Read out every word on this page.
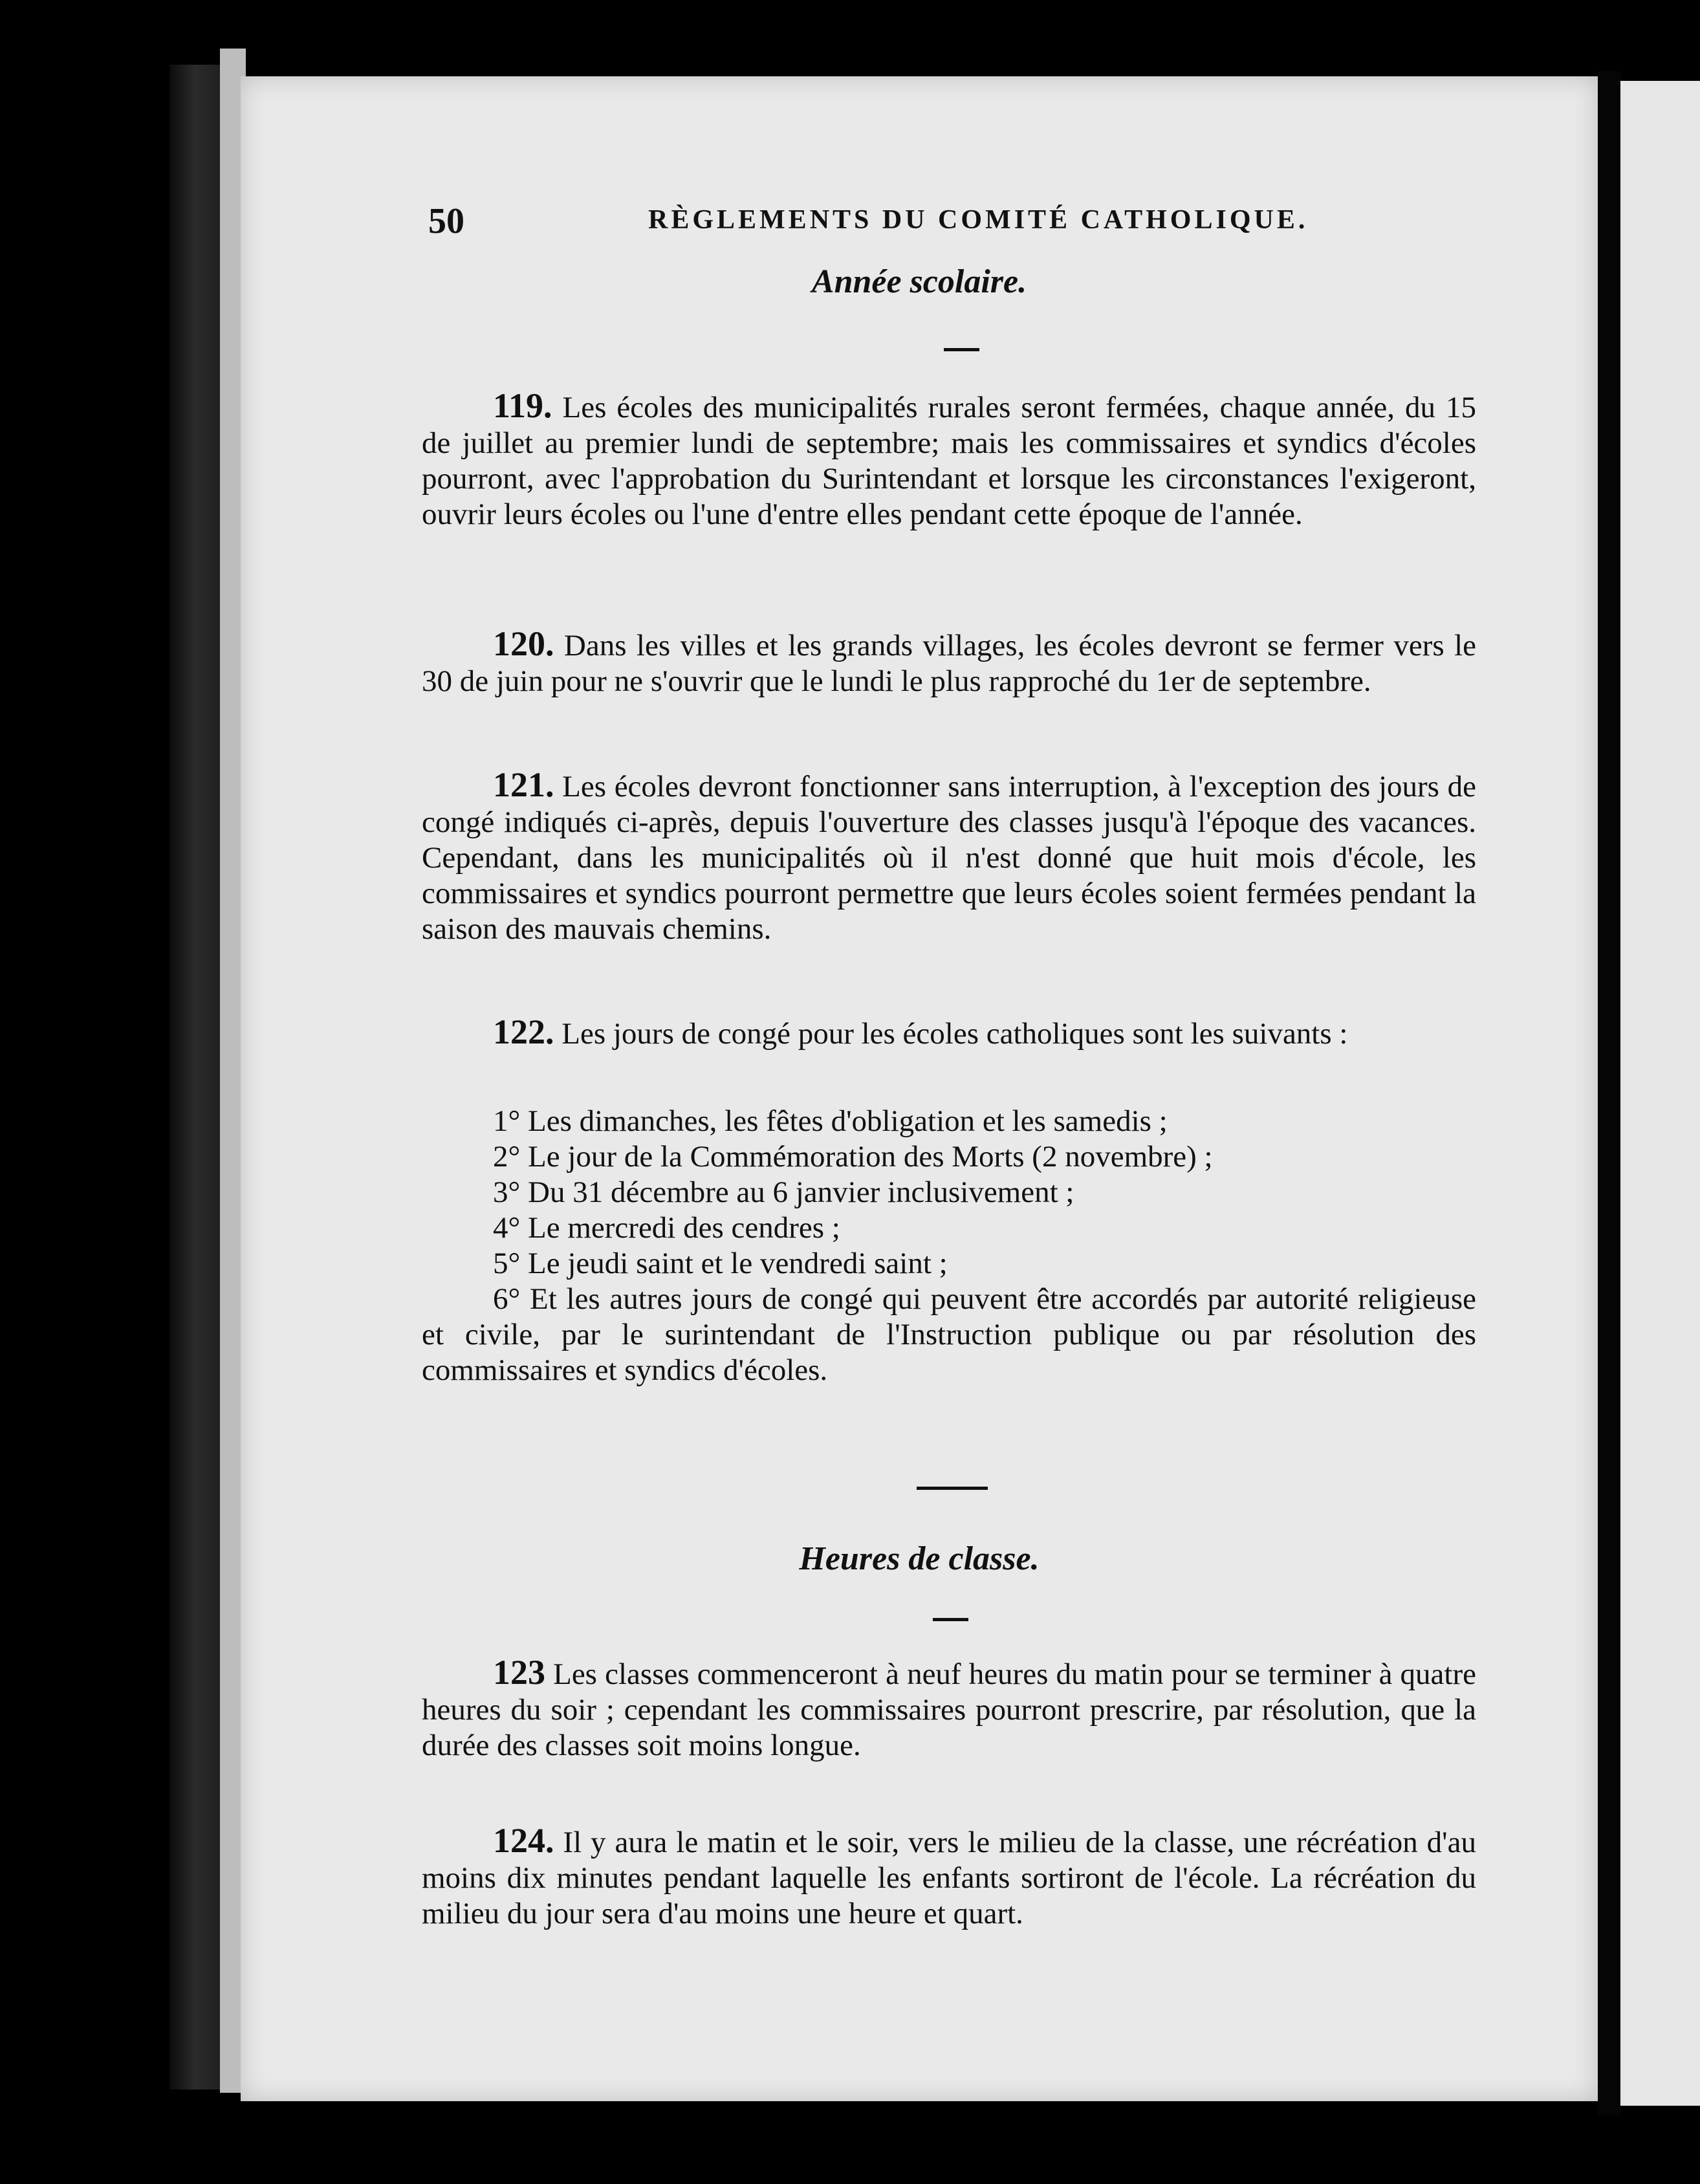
50	RÈGLEMENTS DU COMITÉ CATHOLIQUE.
Année scolaire.

119. Les écoles des municipalités rurales seront fermées, chaque année, du 15 de juillet au premier lundi de septembre; mais les commissaires et syndics d'écoles pourront, avec l'approbation du Surintendant et lorsque les circonstances l'exigeront, ouvrir leurs écoles ou l'une d'entre elles pendant cette époque de l'année.

120. Dans les villes et les grands villages, les écoles devront se fermer vers le 30 de juin pour ne s'ouvrir que le lundi le plus rapproché du 1er de septembre.

121. Les écoles devront fonctionner sans interruption, à l'exception des jours de congé indiqués ci-après, depuis l'ouverture des classes jusqu'à l'époque des vacances. Cependant, dans les municipalités où il n'est donné que huit mois d'école, les commissaires et syndics pourront permettre que leurs écoles soient fermées pendant la saison des mauvais chemins.

122. Les jours de congé pour les écoles catholiques sont les suivants :

1° Les dimanches, les fêtes d'obligation et les samedis ;
2° Le jour de la Commémoration des Morts (2 novembre) ;
3° Du 31 décembre au 6 janvier inclusivement ;
4° Le mercredi des cendres ;
5° Le jeudi saint et le vendredi saint ;
6° Et les autres jours de congé qui peuvent être accordés par autorité religieuse et civile, par le surintendant de l'Instruction publique ou par résolution des commissaires et syndics d'écoles.
Heures de classe.

123 Les classes commenceront à neuf heures du matin pour se terminer à quatre heures du soir ; cependant les commissaires pourront prescrire, par résolution, que la durée des classes soit moins longue.

124. Il y aura le matin et le soir, vers le milieu de la classe, une récréation d'au moins dix minutes pendant laquelle les enfants sortiront de l'école. La récréation du milieu du jour sera d'au moins une heure et quart.
